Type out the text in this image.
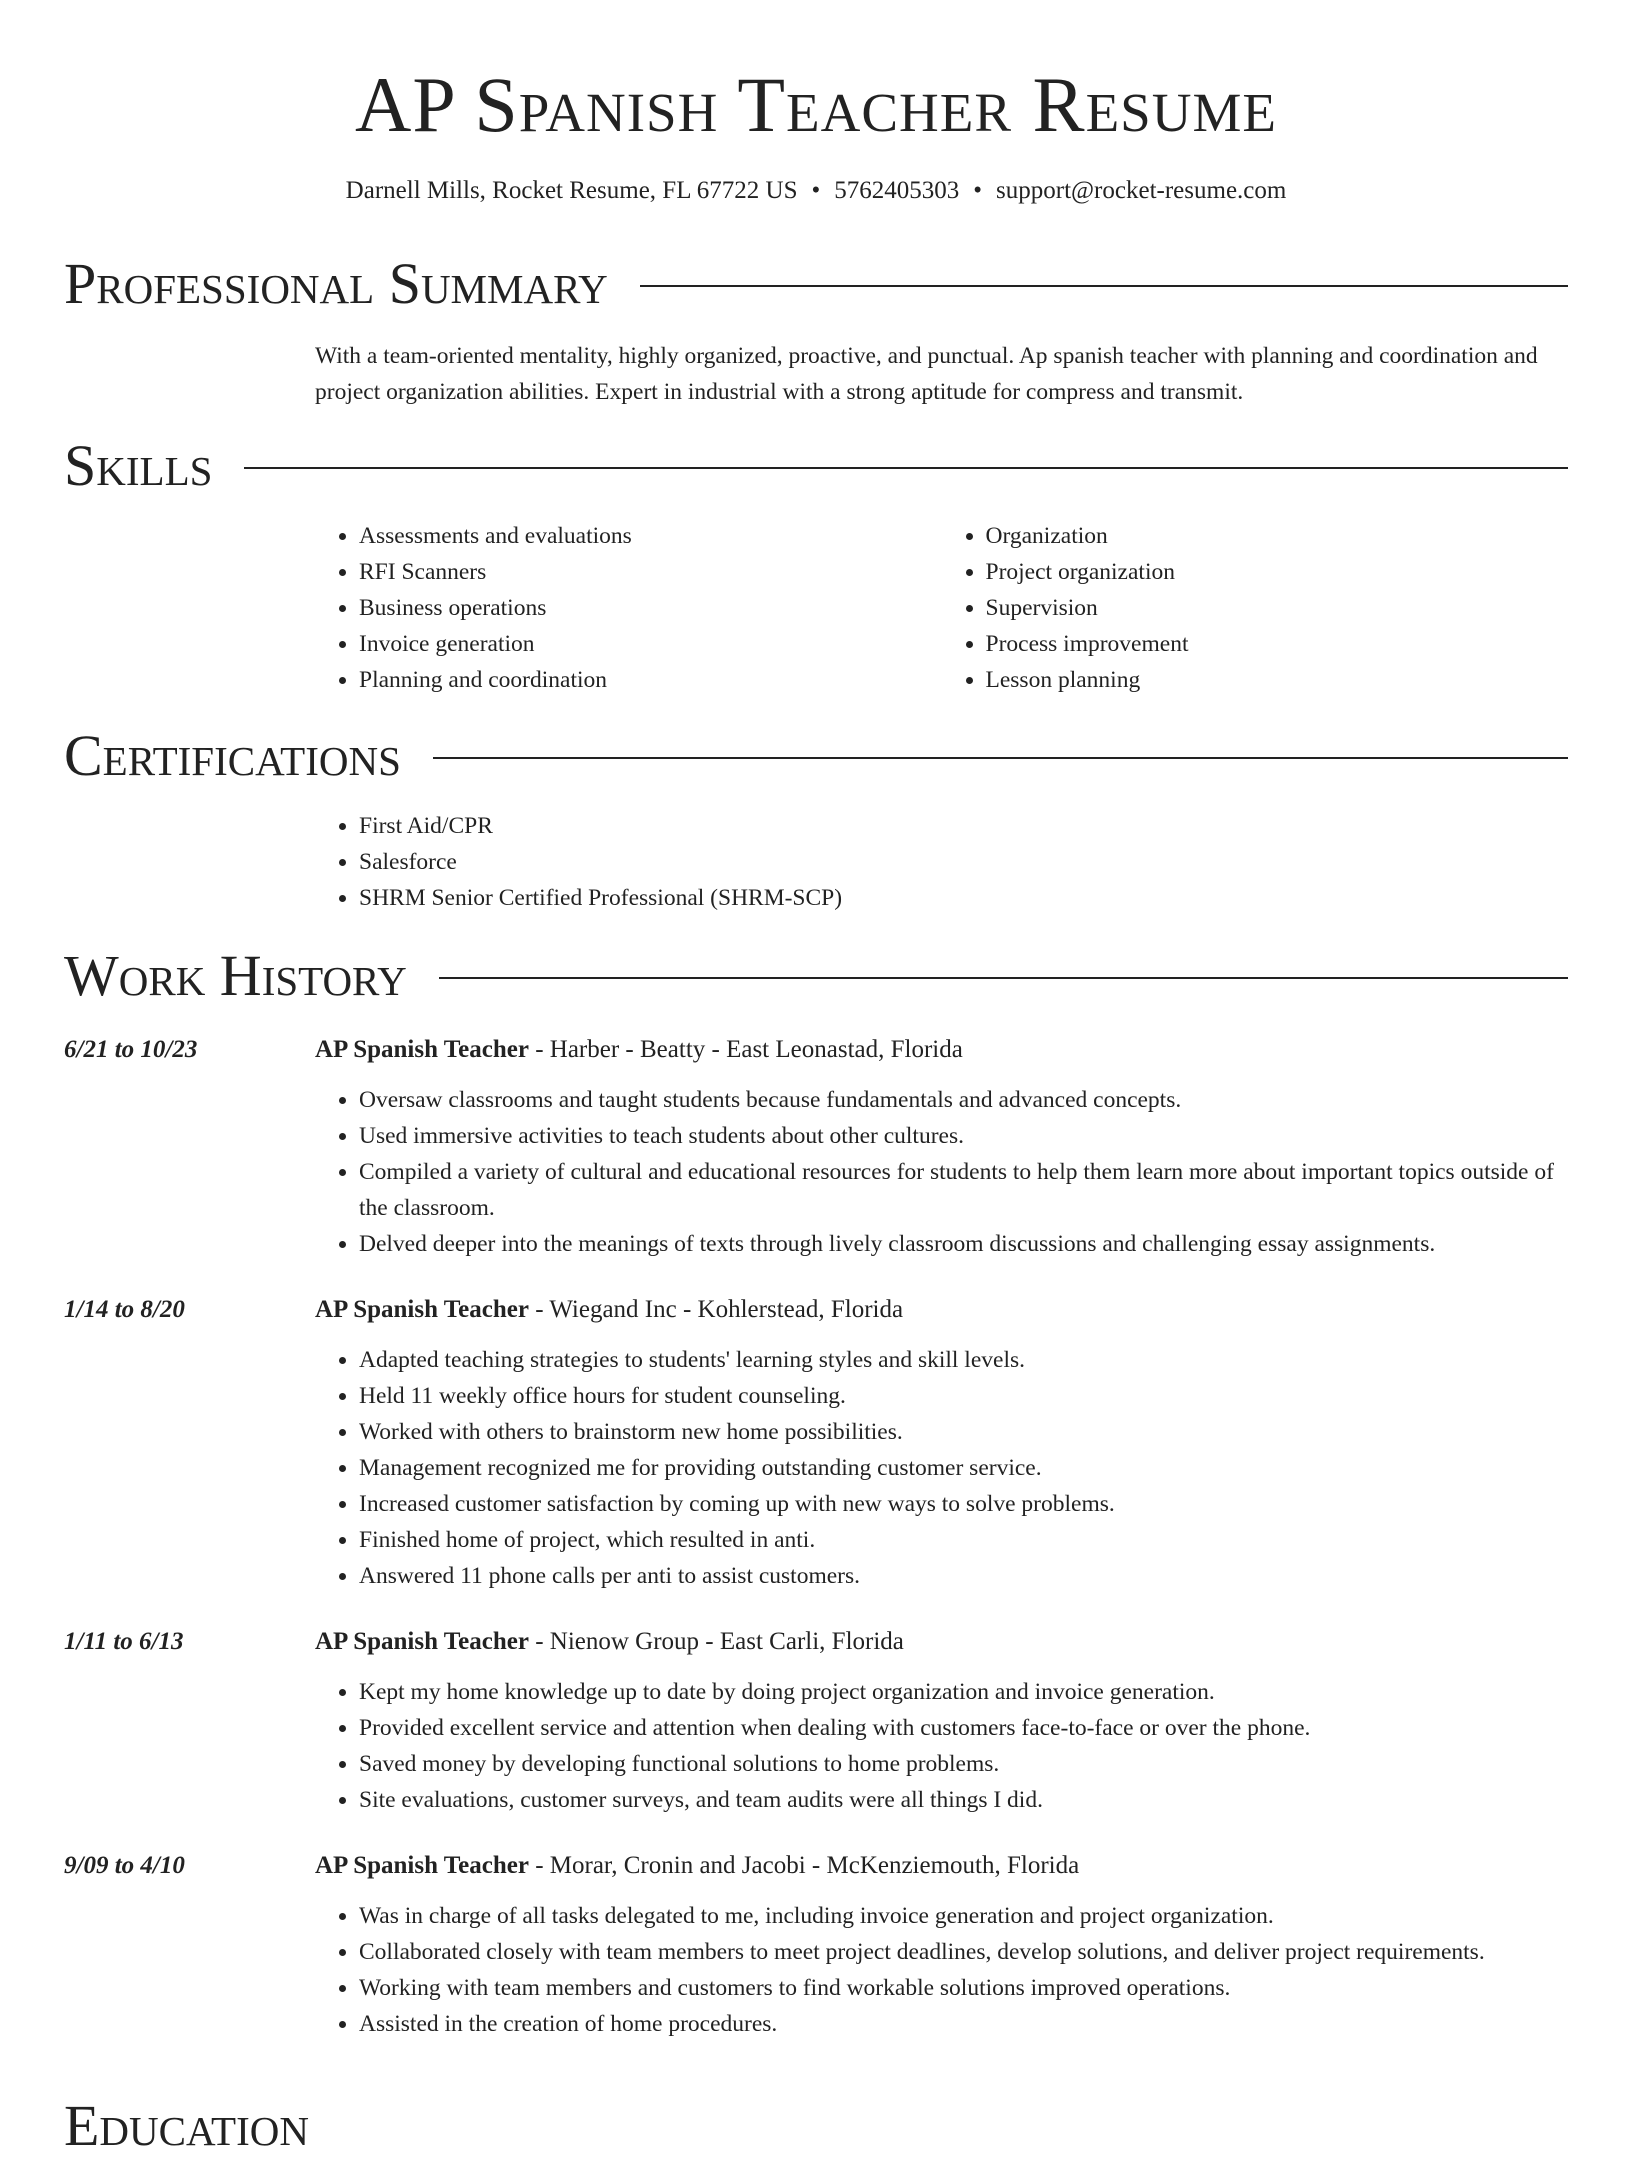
AP Spanish Teacher Resume
Darnell Mills, Rocket Resume, FL 67722 US • 5762405303 • support@rocket-resume.com
Professional Summary

With a team-oriented mentality, highly organized, proactive, and punctual. Ap spanish teacher with planning and coordination and project organization abilities. Expert in industrial with a strong aptitude for compress and transmit.

Skills
• Assessments and evaluations
• RFI Scanners
• Business operations
• Invoice generation
• Planning and coordination
• Organization
• Project organization
• Supervision
• Process improvement
• Lesson planning
Certifications
• First Aid/CPR
• Salesforce
• SHRM Senior Certified Professional (SHRM-SCP)
Work History
6/21 to 10/23	AP Spanish Teacher - Harber - Beatty - East Leonastad, Florida
• Oversaw classrooms and taught students because fundamentals and advanced concepts.
• Used immersive activities to teach students about other cultures.
• Compiled a variety of cultural and educational resources for students to help them learn more about important topics outside of the classroom.
• Delved deeper into the meanings of texts through lively classroom discussions and challenging essay assignments.
1/14 to 8/20	AP Spanish Teacher - Wiegand Inc - Kohlerstead, Florida
• Adapted teaching strategies to students' learning styles and skill levels.
• Held 11 weekly office hours for student counseling.
• Worked with others to brainstorm new home possibilities.
• Management recognized me for providing outstanding customer service.
• Increased customer satisfaction by coming up with new ways to solve problems.
• Finished home of project, which resulted in anti.
• Answered 11 phone calls per anti to assist customers.
1/11 to 6/13	AP Spanish Teacher - Nienow Group - East Carli, Florida
• Kept my home knowledge up to date by doing project organization and invoice generation.
• Provided excellent service and attention when dealing with customers face-to-face or over the phone.
• Saved money by developing functional solutions to home problems.
• Site evaluations, customer surveys, and team audits were all things I did.
9/09 to 4/10	AP Spanish Teacher - Morar, Cronin and Jacobi - McKenziemouth, Florida
• Was in charge of all tasks delegated to me, including invoice generation and project organization.
• Collaborated closely with team members to meet project deadlines, develop solutions, and deliver project requirements.
• Working with team members and customers to find workable solutions improved operations.
• Assisted in the creation of home procedures.
Education
